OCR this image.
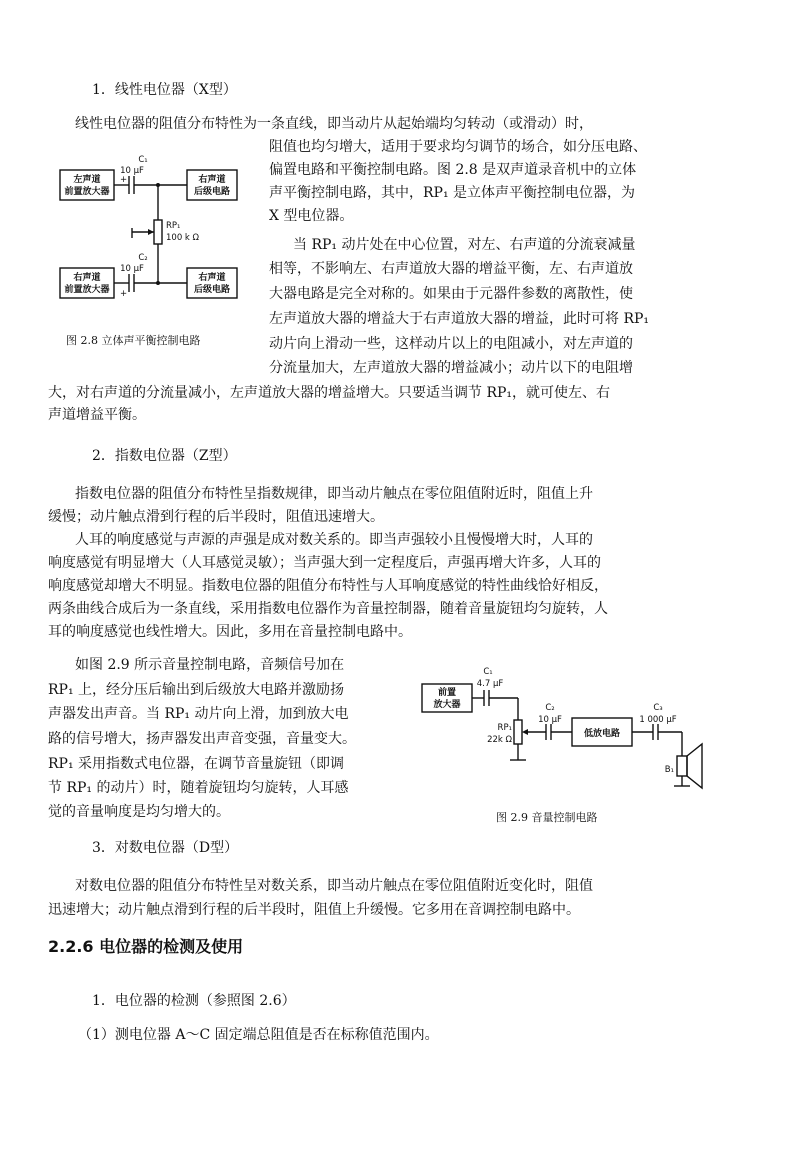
1．线性电位器（X型）
线性电位器的阻值分布特性为一条直线，即当动片从起始端均匀转动（或滑动）时，
阻值也均匀增大，适用于要求均匀调节的场合，如分压电路、
偏置电路和平衡控制电路。图 2.8 是双声道录音机中的立体
声平衡控制电路，其中，RP₁ 是立体声平衡控制电位器，为
X 型电位器。
当 RP₁ 动片处在中心位置，对左、右声道的分流衰减量
相等，不影响左、右声道放大器的增益平衡，左、右声道放
大器电路是完全对称的。如果由于元器件参数的离散性，使
左声道放大器的增益大于右声道放大器的增益，此时可将 RP₁
动片向上滑动一些，这样动片以上的电阻减小，对左声道的
分流量加大，左声道放大器的增益减小；动片以下的电阻增
大，对右声道的分流量减小，左声道放大器的增益增大。只要适当调节 RP₁，就可使左、右
声道增益平衡。
左声道
前置放大器
右声道
后级电路
右声道
前置放大器
右声道
后级电路
C₁
10 μF
+
C₂
10 μF
+
RP₁
100 k Ω
图 2.8 立体声平衡控制电路
2．指数电位器（Z型）
指数电位器的阻值分布特性呈指数规律，即当动片触点在零位阻值附近时，阻值上升
缓慢；动片触点滑到行程的后半段时，阻值迅速增大。
人耳的响度感觉与声源的声强是成对数关系的。即当声强较小且慢慢增大时，人耳的
响度感觉有明显增大（人耳感觉灵敏）；当声强大到一定程度后，声强再增大许多，人耳的
响度感觉却增大不明显。指数电位器的阻值分布特性与人耳响度感觉的特性曲线恰好相反，
两条曲线合成后为一条直线，采用指数电位器作为音量控制器，随着音量旋钮均匀旋转，人
耳的响度感觉也线性增大。因此，多用在音量控制电路中。
如图 2.9 所示音量控制电路，音频信号加在
RP₁ 上，经分压后输出到后级放大电路并激励扬
声器发出声音。当 RP₁ 动片向上滑，加到放大电
路的信号增大，扬声器发出声音变强，音量变大。
RP₁ 采用指数式电位器，在调节音量旋钮（即调
节 RP₁ 的动片）时，随着旋钮均匀旋转，人耳感
觉的音量响度是均匀增大的。
前置
放大器
低放电路
C₁
4.7 μF
C₂
10 μF
C₃
1 000 μF
RP₁
22k Ω
B₁
图 2.9 音量控制电路
3．对数电位器（D型）
对数电位器的阻值分布特性呈对数关系，即当动片触点在零位阻值附近变化时，阻值
迅速增大；动片触点滑到行程的后半段时，阻值上升缓慢。它多用在音调控制电路中。
2.2.6 电位器的检测及使用
1．电位器的检测（参照图 2.6）
（1）测电位器 A～C 固定端总阻值是否在标称值范围内。
